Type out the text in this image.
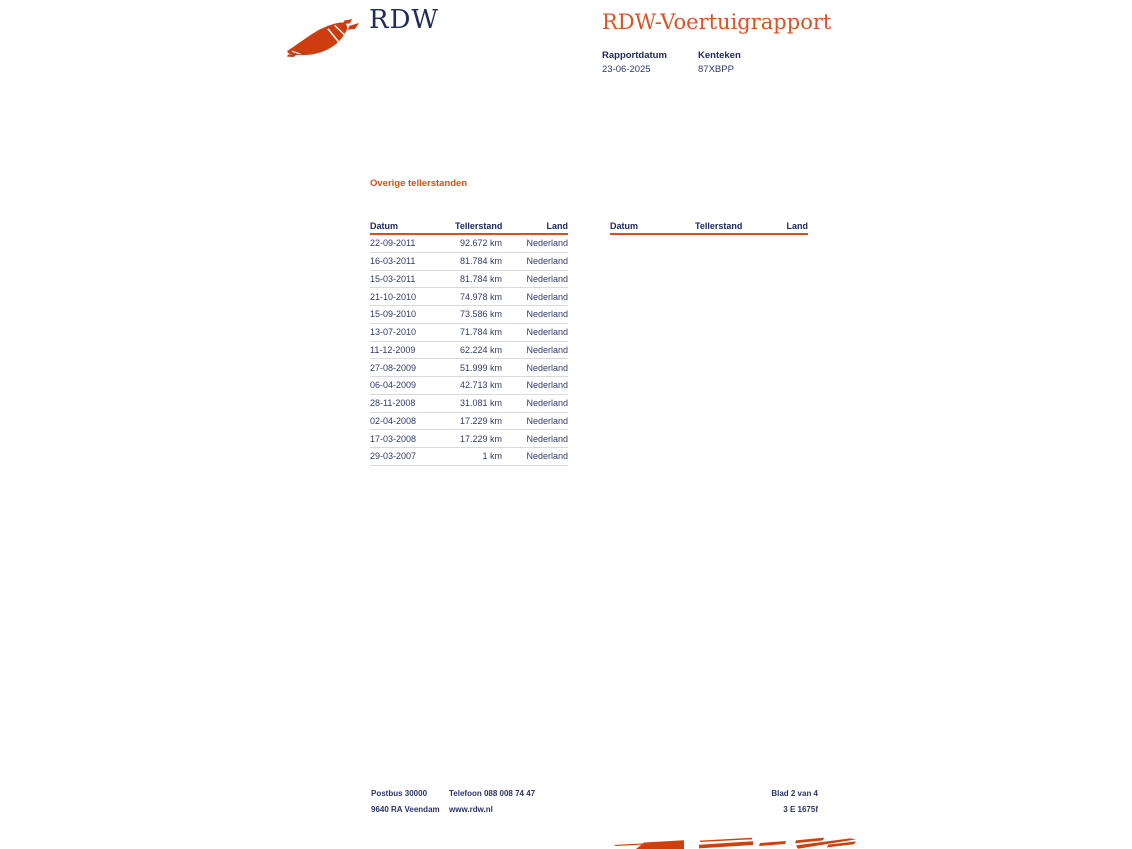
RDW	RDW-Voertuigrapport
Rapportdatum
23-06-2025
Kenteken
87XBPP
Overige tellerstanden
Datum	Tellerstand	Land
22-09-2011	92.672 km	Nederland
16-03-2011	81.784 km	Nederland
15-03-2011	81.784 km	Nederland
21-10-2010	74.978 km	Nederland
15-09-2010	73.586 km	Nederland
13-07-2010	71.784 km	Nederland
11-12-2009	62.224 km	Nederland
27-08-2009	51.999 km	Nederland
06-04-2009	42.713 km	Nederland
28-11-2008	31.081 km	Nederland
02-04-2008	17.229 km	Nederland
17-03-2008	17.229 km	Nederland
29-03-2007	1 km	Nederland
Datum	Tellerstand	Land
Postbus 30000
9640 RA Veendam
Telefoon 088 008 74 47
www.rdw.nl
Blad 2 van 4
3 E 1675f
